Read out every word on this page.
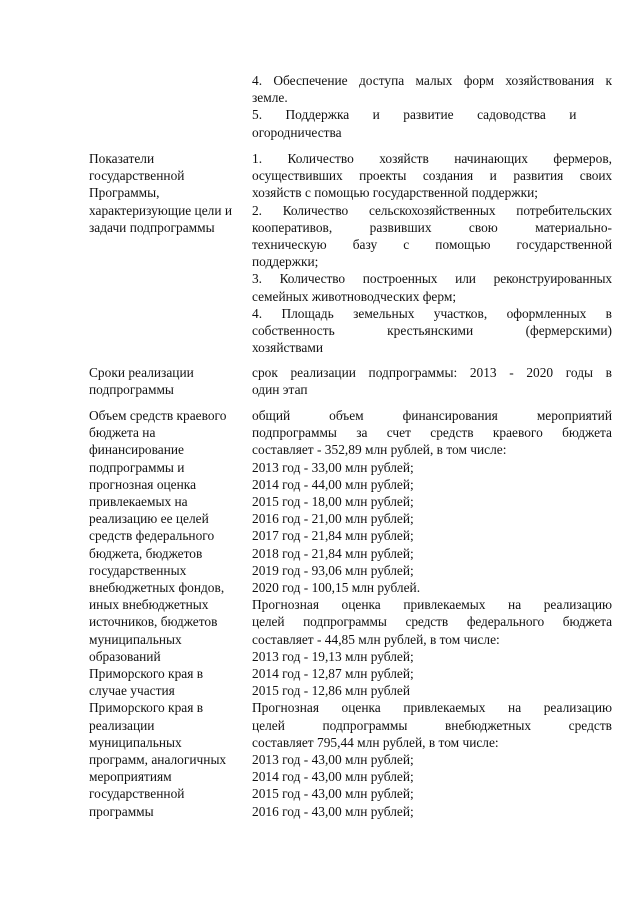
4. Обеспечение доступа малых форм хозяйствования к
земле.
5.       Поддержка       и       развитие       садоводства       и
огородничества
Показатели
государственной
Программы,
характеризующие цели и
задачи подпрограммы
1. Количество хозяйств начинающих фермеров,
осуществивших проекты создания и развития своих
хозяйств с помощью государственной поддержки;
2. Количество сельскохозяйственных потребительских
кооперативов, развивших свою материально-
техническую базу с помощью государственной
поддержки;
3. Количество построенных или реконструированных
семейных животноводческих ферм;
4. Площадь земельных участков, оформленных в
собственность крестьянскими (фермерскими)
хозяйствами
Сроки реализации
подпрограммы
срок реализации подпрограммы: 2013 - 2020 годы в
один этап
Объем средств краевого
бюджета на
финансирование
подпрограммы и
прогнозная оценка
привлекаемых на
реализацию ее целей
средств федерального
бюджета, бюджетов
государственных
внебюджетных фондов,
иных внебюджетных
источников, бюджетов
муниципальных
образований
Приморского края в
случае участия
Приморского края в
реализации
муниципальных
программ, аналогичных
мероприятиям
государственной
программы
общий объем финансирования мероприятий
подпрограммы за счет средств краевого бюджета
составляет - 352,89 млн рублей, в том числе:
2013 год - 33,00 млн рублей;
2014 год - 44,00 млн рублей;
2015 год - 18,00 млн рублей;
2016 год - 21,00 млн рублей;
2017 год - 21,84 млн рублей;
2018 год - 21,84 млн рублей;
2019 год - 93,06 млн рублей;
2020 год - 100,15 млн рублей.
Прогнозная оценка привлекаемых на реализацию
целей подпрограммы средств федерального бюджета
составляет - 44,85 млн рублей, в том числе:
2013 год - 19,13 млн рублей;
2014 год - 12,87 млн рублей;
2015 год - 12,86 млн рублей
Прогнозная оценка привлекаемых на реализацию
целей подпрограммы внебюджетных средств
составляет 795,44 млн рублей, в том числе:
2013 год - 43,00 млн рублей;
2014 год - 43,00 млн рублей;
2015 год - 43,00 млн рублей;
2016 год - 43,00 млн рублей;
